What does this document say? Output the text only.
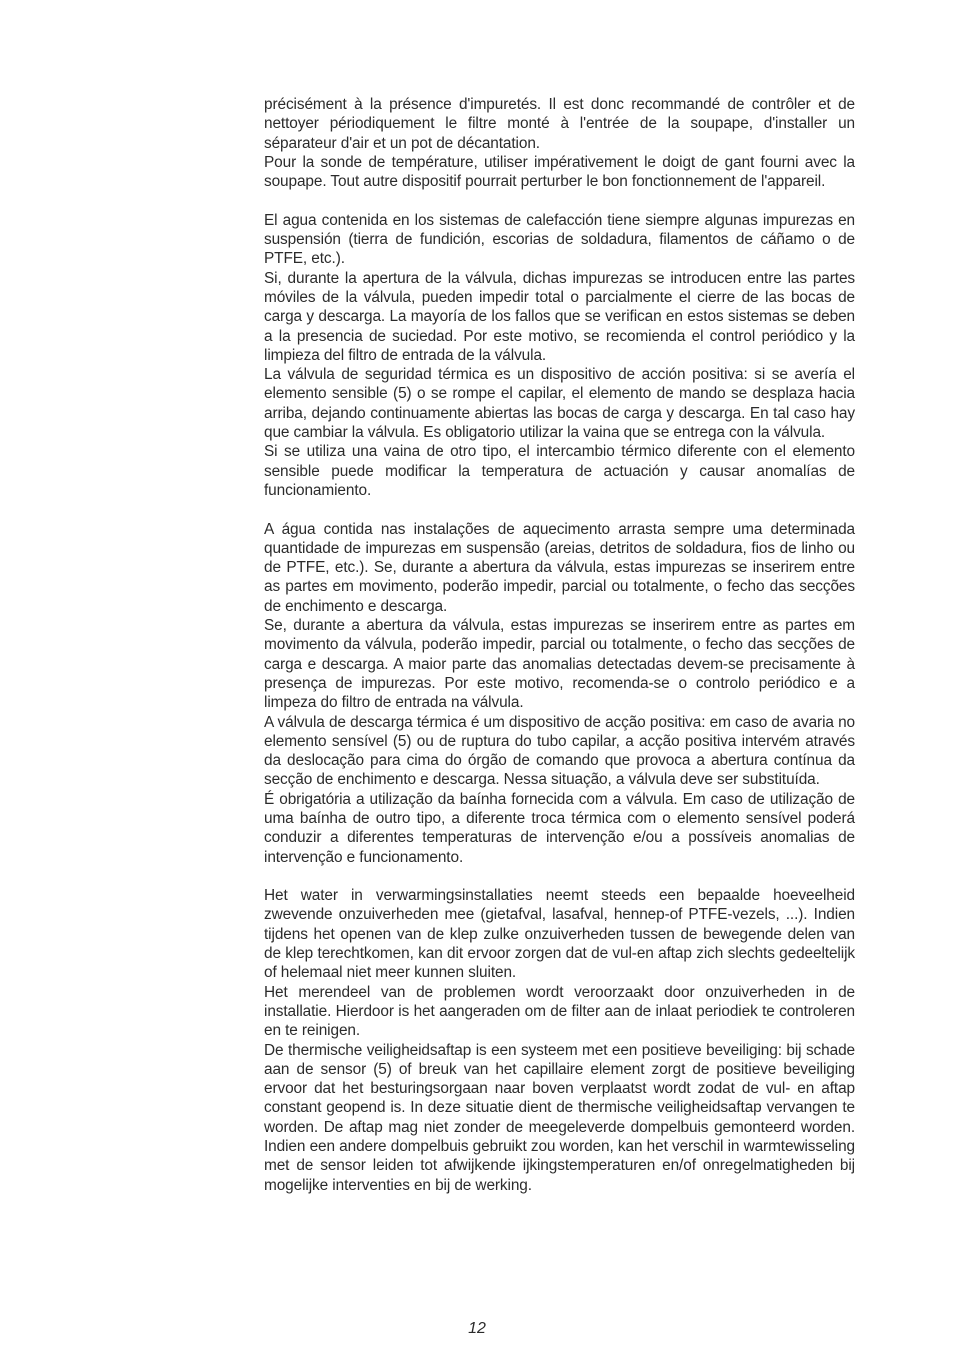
précisément à la présence d'impuretés. Il est donc recommandé de contrôler et de nettoyer périodiquement le filtre monté à l'entrée de la soupape, d'installer un séparateur d'air et un pot de décantation.

Pour la sonde de température, utiliser impérativement le doigt de gant fourni avec la soupape. Tout autre dispositif pourrait perturber le bon fonctionnement de l'appareil.

El agua contenida en los sistemas de calefacción tiene siempre algunas impurezas en suspensión (tierra de fundición, escorias de soldadura, filamentos de cáñamo o de PTFE, etc.).

Si, durante la apertura de la válvula, dichas impurezas se introducen entre las partes móviles de la válvula, pueden impedir total o parcialmente el cierre de las bocas de carga y descarga. La mayoría de los fallos que se verifican en estos sistemas se deben a la presencia de suciedad. Por este motivo, se recomienda el control periódico y la limpieza del filtro de entrada de la válvula.

La válvula de seguridad térmica es un dispositivo de acción positiva: si se avería el elemento sensible (5) o se rompe el capilar, el elemento de mando se desplaza hacia arriba, dejando continuamente abiertas las bocas de carga y descarga. En tal caso hay que cambiar la válvula. Es obligatorio utilizar la vaina que se entrega con la válvula.

Si se utiliza una vaina de otro tipo, el intercambio térmico diferente con el elemento sensible puede modificar la temperatura de actuación y causar anomalías de funcionamiento.

A água contida nas instalações de aquecimento arrasta sempre uma determinada quantidade de impurezas em suspensão (areias, detritos de soldadura, fios de linho ou de PTFE, etc.). Se, durante a abertura da válvula, estas impurezas se inserirem entre as partes em movimento, poderão impedir, parcial ou totalmente, o fecho das secções de enchimento e descarga.

Se, durante a abertura da válvula, estas impurezas se inserirem entre as partes em movimento da válvula, poderão impedir, parcial ou totalmente, o fecho das secções de carga e descarga. A maior parte das anomalias detectadas devem-se precisamente à presença de impurezas. Por este motivo, recomenda-se o controlo periódico e a limpeza do filtro de entrada na válvula.

A válvula de descarga térmica é um dispositivo de acção positiva: em caso de avaria no elemento sensível (5) ou de ruptura do tubo capilar, a acção positiva intervém através da deslocação para cima do órgão de comando que provoca a abertura contínua da secção de enchimento e descarga. Nessa situação, a válvula deve ser substituída.

É obrigatória a utilização da baínha fornecida com a válvula. Em caso de utilização de uma baínha de outro tipo, a diferente troca térmica com o elemento sensível poderá conduzir a diferentes temperaturas de intervenção e/ou a possíveis anomalias de intervenção e funcionamento.

Het water in verwarmingsinstallaties neemt steeds een bepaalde hoeveelheid zwevende onzuiverheden mee (gietafval, lasafval, hennep-of PTFE-vezels, ...). Indien tijdens het openen van de klep zulke onzuiverheden tussen de bewegende delen van de klep terechtkomen, kan dit ervoor zorgen dat de vul-en aftap zich slechts gedeeltelijk of helemaal niet meer kunnen sluiten.

Het merendeel van de problemen wordt veroorzaakt door onzuiverheden in de installatie. Hierdoor is het aangeraden om de filter aan de inlaat periodiek te controleren en te reinigen.

De thermische veiligheidsaftap is een systeem met een positieve beveiliging: bij schade aan de sensor (5) of breuk van het capillaire element zorgt de positieve beveiliging ervoor dat het besturingsorgaan naar boven verplaatst wordt zodat de vul- en aftap constant geopend is. In deze situatie dient de thermische veiligheidsaftap vervangen te worden. De aftap mag niet zonder de meegeleverde dompelbuis gemonteerd worden. Indien een andere dompelbuis gebruikt zou worden, kan het verschil in warmtewisseling met de sensor leiden tot afwijkende ijkingstemperaturen en/of onregelmatigheden bij mogelijke interventies en bij de werking.

12
